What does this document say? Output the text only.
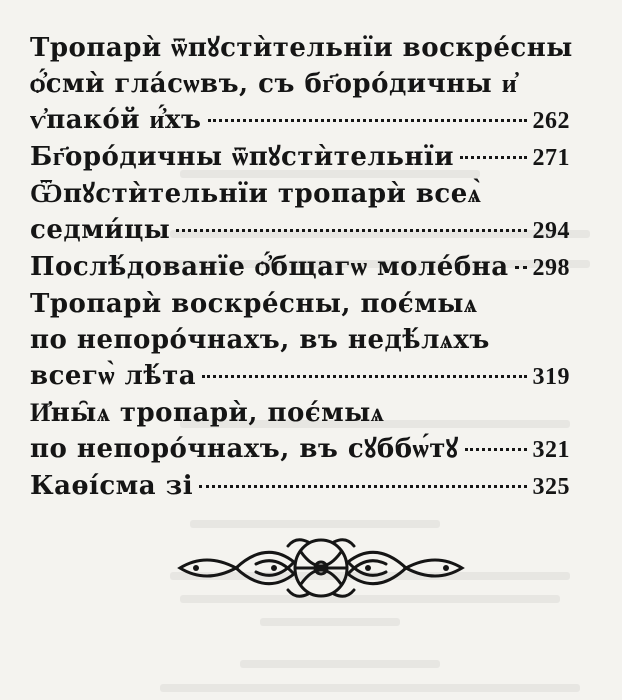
Тропарѝ ѿпꙋстѝтельнїи воскре́сны
ѻ҆́смѝ гла́сѡвъ, съ бг҃оро́дичны и҆
ѵ҆пако́й и҆́хъ	262
Бг҃оро́дичны ѿпꙋстѝтельнїи	271
Ѿпꙋстѝтельнїи тропарѝ всеѧ̀
седми́цы	294
Послѣ́дованїе ѻ҆́бщагѡ моле́бна 298
Тропарѝ воскре́сны, поє́мыѧ
по непоро́чнахъ, въ недѣ́лѧхъ
всегѡ̀ лѣ́та	319
И҆ны̑ѧ тропарѝ, поє́мыѧ
по непоро́чнахъ, въ сꙋббѡ́тꙋ	321
Каѳі́сма зі	325
